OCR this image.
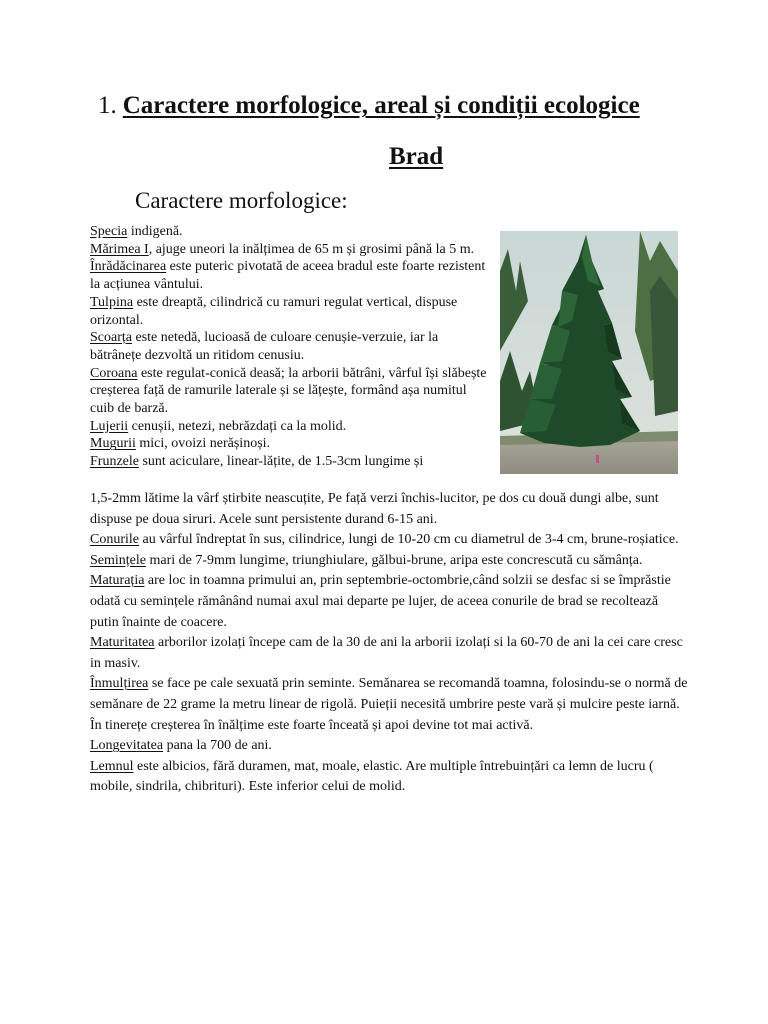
1. Caractere morfologice, areal și condiții ecologice
Brad
Caractere morfologice:

Specia indigenă.

Mărimea I, ajuge uneori la inălțimea de 65 m și grosimi până la 5 m.

Înrădăcinarea este puteric pivotată de aceea bradul este foarte rezistent la acțiunea vântului.

Tulpina este dreaptă, cilindrică cu ramuri regulat vertical, dispuse orizontal.

Scoarța este netedă, lucioasă de culoare cenușie-verzuie, iar la bătrânețe dezvoltă un ritidom cenusiu.

Coroana este regulat-conică deasă; la arborii bătrâni, vârful își slăbește creșterea față de ramurile laterale și se lățește, formând așa numitul cuib de barză.

Lujerii cenușii, netezi, nebrăzdați ca la molid.

Mugurii mici, ovoizi nerășinoși.

Frunzele sunt aciculare, linear-lățite, de 1.5-3cm lungime și

1,5-2mm lătime la vârf știrbite neascuțite, Pe față verzi închis-lucitor, pe dos cu două dungi albe, sunt dispuse pe doua siruri. Acele sunt persistente durand 6-15 ani.

Conurile au vârful îndreptat în sus, cilindrice, lungi de 10-20 cm cu diametrul de 3-4 cm, brune-roșiatice.

Semințele mari de 7-9mm lungime, triunghiulare, gălbui-brune, aripa este concrescută cu sămânța.

Maturația are loc in toamna primului an, prin septembrie-octombrie,când solzii se desfac si se împrăstie odată cu semințele rămânând numai axul mai departe pe lujer, de aceea conurile de brad se recoltează putin înainte de coacere.

Maturitatea arborilor izolați începe cam de la 30 de ani la arborii izolați si la 60-70 de ani la cei care cresc in masiv.

Înmulțirea se face pe cale sexuată prin seminte. Semănarea se recomandă toamna, folosindu-se o normă de semănare de 22 grame la metru linear de rigolă. Puieții necesită umbrire peste vară și mulcire peste iarnă. În tinerețe creșterea în înălțime este foarte înceată și apoi devine tot mai activă.

Longevitatea pana la 700 de ani.

Lemnul este albicios, fără duramen, mat, moale, elastic. Are multiple întrebuințări ca lemn de lucru ( mobile, sindrila, chibrituri). Este inferior celui de molid.
